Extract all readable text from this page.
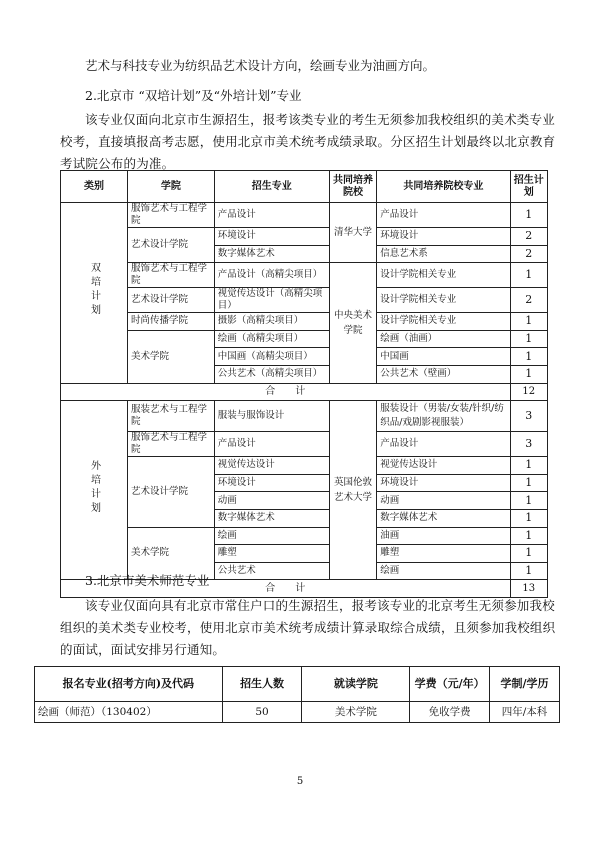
艺术与科技专业为纺织品艺术设计方向，绘画专业为油画方向。

2.北京市 “双培计划”及“外培计划”专业

该专业仅面向北京市生源招生，报考该类专业的考生无须参加我校组织的美术类专业校考，直接填报高考志愿，使用北京市美术统考成绩录取。分区招生计划最终以北京教育考试院公布的为准。

类别	学院	招生专业	共同培养院校	共同培养院校专业	招生计划
双培计划	服饰艺术与工程学院	产品设计	清华大学	产品设计	1
	艺术设计学院	环境设计		环境设计	2
		数字媒体艺术		信息艺术系	2
	服饰艺术与工程学院	产品设计（高精尖项目）	中央美术学院	设计学院相关专业	1
	艺术设计学院	视觉传达设计（高精尖项目）		设计学院相关专业	2
	时尚传播学院	摄影（高精尖项目）		设计学院相关专业	1
	美术学院	绘画（高精尖项目）		绘画（油画）	1
		中国画（高精尖项目）		中国画	1
		公共艺术（高精尖项目）		公共艺术（壁画）	1
合　　计					12
外培计划	服装艺术与工程学院	服装与服饰设计	英国伦敦艺术大学	服装设计（男装/女装/针织/纺织品/戏剧影视服装）	3
	服饰艺术与工程学院	产品设计		产品设计	3
	艺术设计学院	视觉传达设计		视觉传达设计	1
		环境设计		环境设计	1
		动画		动画	1
		数字媒体艺术		数字媒体艺术	1
	美术学院	绘画		油画	1
		雕塑		雕塑	1
		公共艺术		绘画	1
合　　计					13
3.北京市美术师范专业

该专业仅面向具有北京市常住户口的生源招生，报考该专业的北京考生无须参加我校组织的美术类专业校考，使用北京市美术统考成绩计算录取综合成绩，且须参加我校组织的面试，面试安排另行通知。

报名专业(招考方向)及代码	招生人数	就读学院	学费（元/年）	学制/学历
绘画（师范）（130402）	50	美术学院	免收学费	四年/本科
5
